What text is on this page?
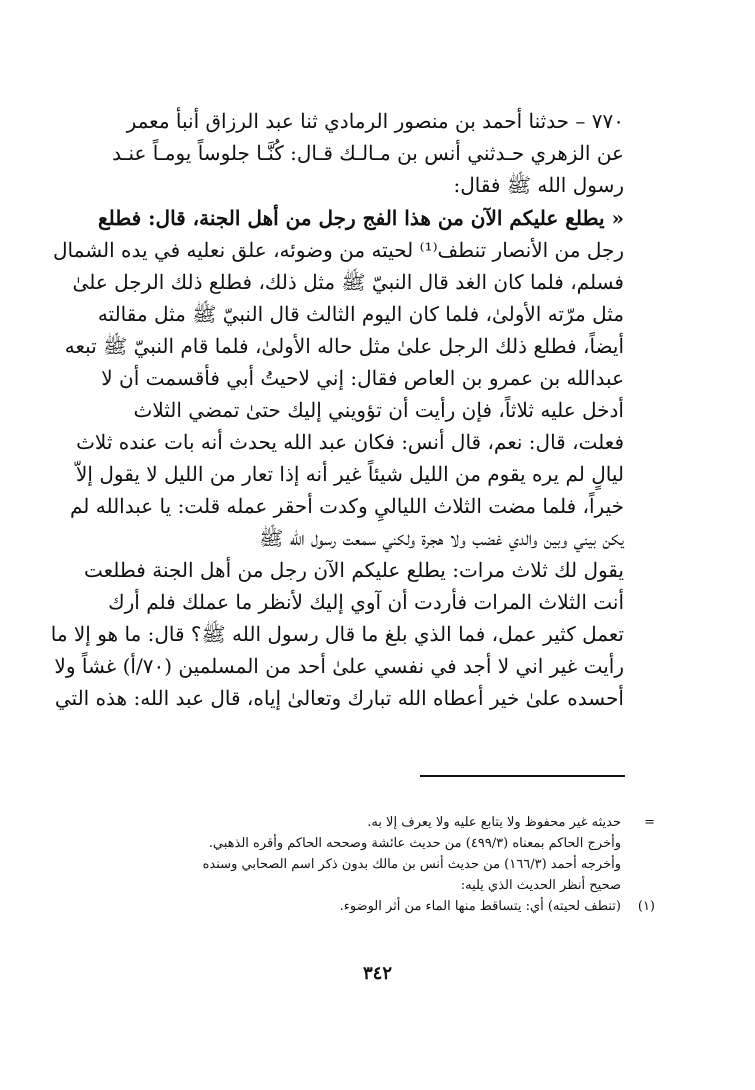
٧٧٠ – حدثنا أحمد بن منصور الرمادي ثنا عبد الرزاق أنبأ معمر
عن الزهري حـدثني أنس بن مـالـك قـال: كُنَّـا جلوساً يومـاً عنـد
رسول الله ﷺ فقال:
« يطلع عليكم الآن من هذا الفج رجل من أهل الجنة، قال: فطلع
رجل من الأنصار تنطف⁽¹⁾ لحيته من وضوئه، علق نعليه في يده الشمال
فسلم، فلما كان الغد قال النبيّ ﷺ مثل ذلك، فطلع ذلك الرجل علىٰ
مثل مرّته الأولىٰ، فلما كان اليوم الثالث قال النبيّ ﷺ مثل مقالته
أيضاً، فطلع ذلك الرجل علىٰ مثل حاله الأولىٰ، فلما قام النبيّ ﷺ تبعه
عبدالله بن عمرو بن العاص فقال: إني لاحيتُ أبي فأقسمت أن لا
أدخل عليه ثلاثاً، فإن رأيت أن تؤويني إليك حتىٰ تمضي الثلاث
فعلت، قال: نعم، قال أنس: فكان عبد الله يحدث أنه بات عنده ثلاث
ليالٍ لم يره يقوم من الليل شيئاً غير أنه إذا تعار من الليل لا يقول إلاّ
خيراً، فلما مضت الثلاث اللياليِ وكدت أحقر عمله قلت: يا عبدالله لم
يكن بيني وبين والدي غضب ولا هجرة ولكني سمعت رسول الله ﷺ
يقول لك ثلاث مرات: يطلع عليكم الآن رجل من أهل الجنة فطلعت
أنت الثلاث المرات فأردت أن آوي إليك لأنظر ما عملك فلم أرك
تعمل كثير عمل، فما الذي بلغ ما قال رسول الله ﷺ؟ قال: ما هو إلا ما
رأيت غير اني لا أجد في نفسي علىٰ أحد من المسلمين (٧٠/أ) غشاً ولا
أحسده علىٰ خير أعطاه الله تبارك وتعالىٰ إياه، قال عبد الله: هذه التي
=
حديثه غير محفوظ ولا يتابع عليه ولا يعرف إلا به.
وأخرج الحاكم بمعناه (٤٩٩/٣) من حديث عائشة وصححه الحاكم وأقره الذهبي.
وأخرجه أحمد (١٦٦/٣) من حديث أنس بن مالك بدون ذكر اسم الصحابي وسنده
صحيح أنظر الحديث الذي يليه:
(١)
(تنطف لحيته) أي: يتساقط منها الماء من أثر الوضوء.
٣٤٢
